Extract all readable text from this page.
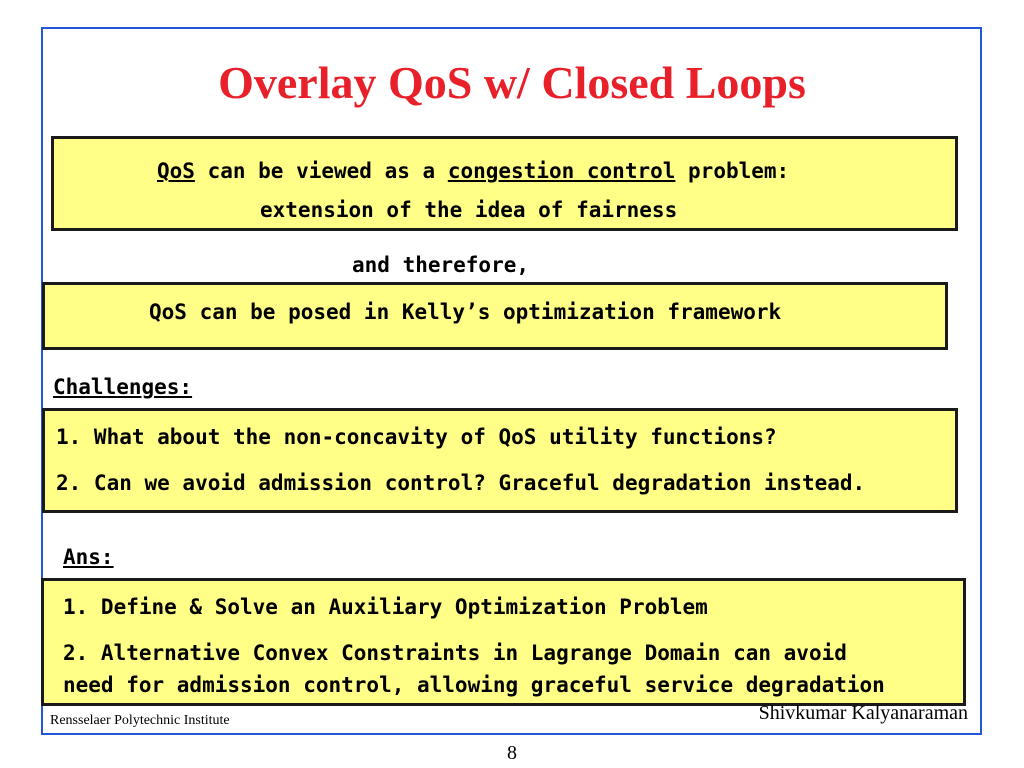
Overlay QoS w/ Closed Loops
QoS can be viewed as a congestion control problem:
extension of the idea of fairness
and therefore,
QoS can be posed in Kelly’s optimization framework
Challenges:
1. What about the non-concavity of QoS utility functions?
2. Can we avoid admission control? Graceful degradation instead.
Ans:
1. Define & Solve an Auxiliary Optimization Problem
2. Alternative Convex Constraints in Lagrange Domain can avoid
need for admission control, allowing graceful service degradation
Shivkumar Kalyanaraman
Rensselaer Polytechnic Institute
8
